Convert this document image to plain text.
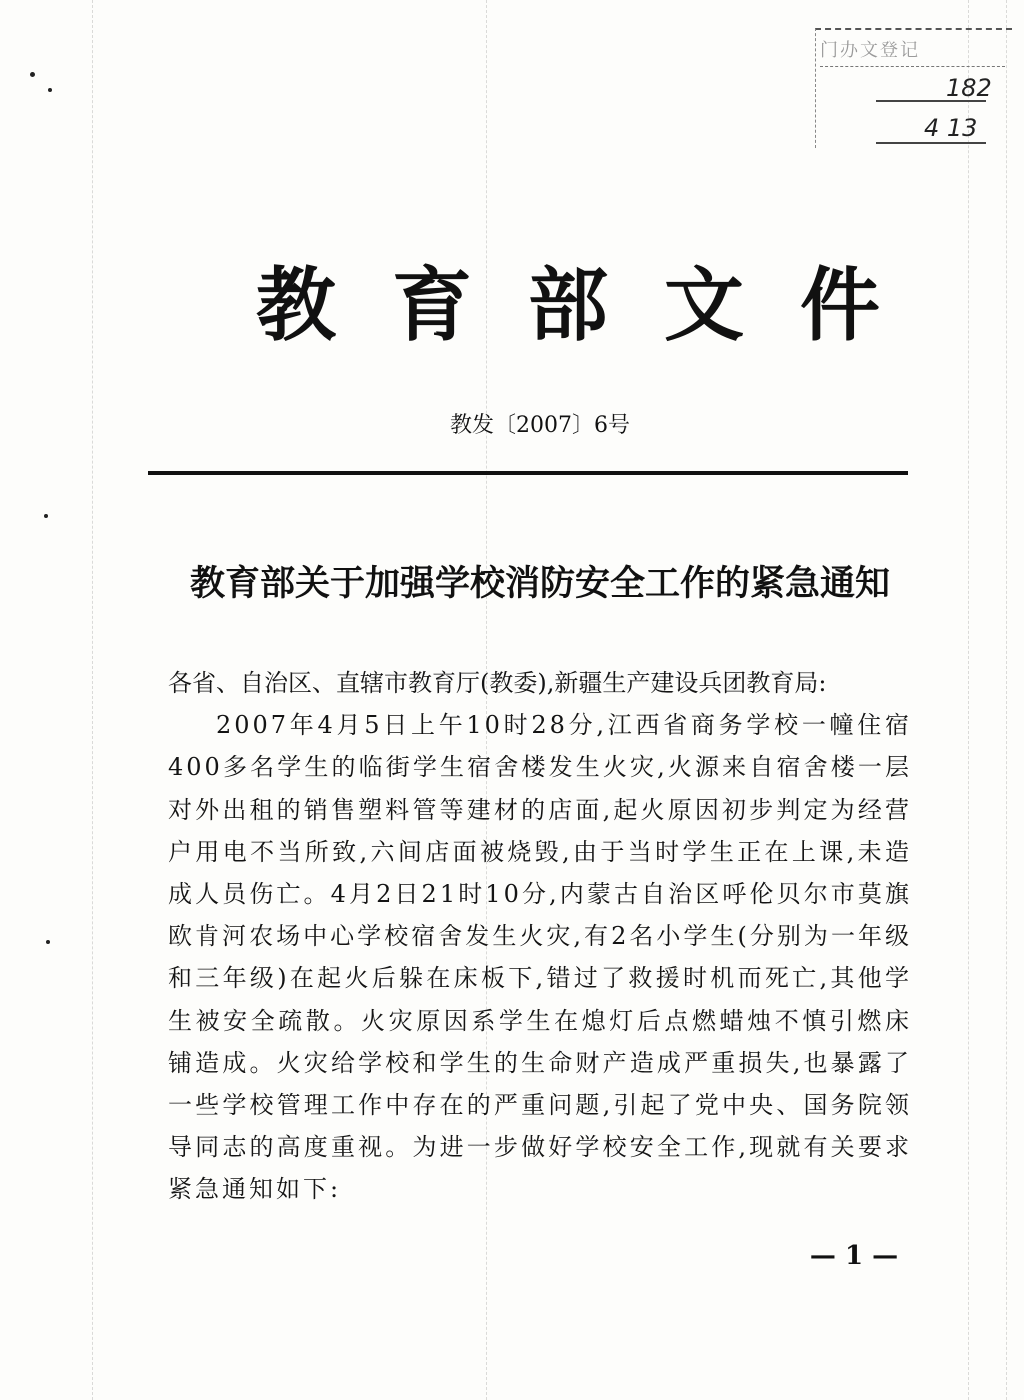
门办文登记
182
4 13
教育部文件
教发〔2007〕6号
教育部关于加强学校消防安全工作的紧急通知

各省、自治区、直辖市教育厅(教委),新疆生产建设兵团教育局:

2007年4月5日上午10时28分,江西省商务学校一幢住宿400多名学生的临街学生宿舍楼发生火灾,火源来自宿舍楼一层对外出租的销售塑料管等建材的店面,起火原因初步判定为经营户用电不当所致,六间店面被烧毁,由于当时学生正在上课,未造成人员伤亡。4月2日21时10分,内蒙古自治区呼伦贝尔市莫旗欧肯河农场中心学校宿舍发生火灾,有2名小学生(分别为一年级和三年级)在起火后躲在床板下,错过了救援时机而死亡,其他学生被安全疏散。火灾原因系学生在熄灯后点燃蜡烛不慎引燃床铺造成。火灾给学校和学生的生命财产造成严重损失,也暴露了一些学校管理工作中存在的严重问题,引起了党中央、国务院领导同志的高度重视。为进一步做好学校安全工作,现就有关要求紧急通知如下:

— 1 —
